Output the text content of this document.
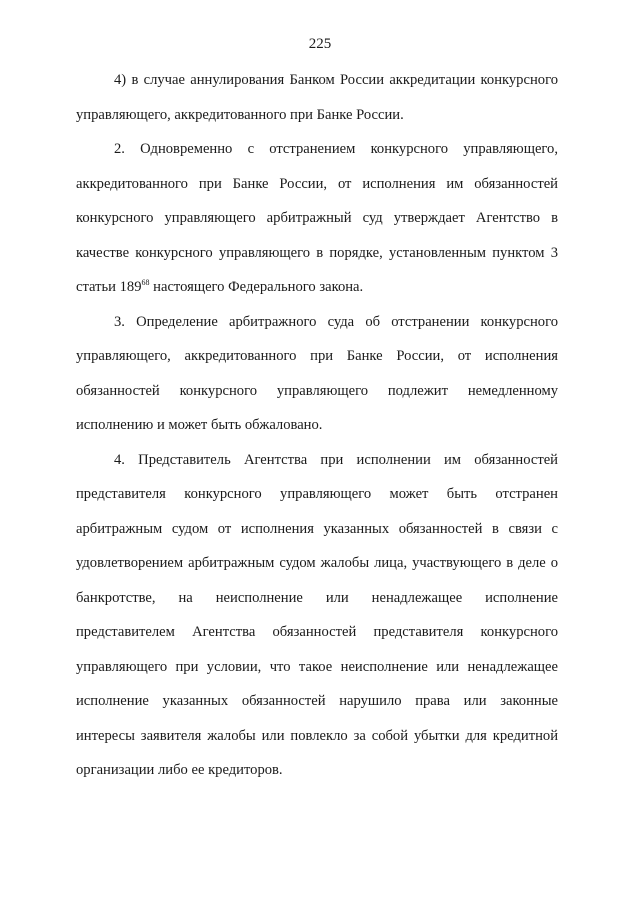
225

4) в случае аннулирования Банком России аккредитации конкурсного управляющего, аккредитованного при Банке России.

2. Одновременно с отстранением конкурсного управляющего, аккредитованного при Банке России, от исполнения им обязанностей конкурсного управляющего арбитражный суд утверждает Агентство в качестве конкурсного управляющего в порядке, установленным пунктом 3 статьи $189^{68}$ настоящего Федерального закона.

3. Определение арбитражного суда об отстранении конкурсного управляющего, аккредитованного при Банке России, от исполнения обязанностей конкурсного управляющего подлежит немедленному исполнению и может быть обжаловано.

4. Представитель Агентства при исполнении им обязанностей представителя конкурсного управляющего может быть отстранен арбитражным судом от исполнения указанных обязанностей в связи с удовлетворением арбитражным судом жалобы лица, участвующего в деле о банкротстве, на неисполнение или ненадлежащее исполнение представителем Агентства обязанностей представителя конкурсного управляющего при условии, что такое неисполнение или ненадлежащее исполнение указанных обязанностей нарушило права или законные интересы заявителя жалобы или повлекло за собой убытки для кредитной организации либо ее кредиторов.
